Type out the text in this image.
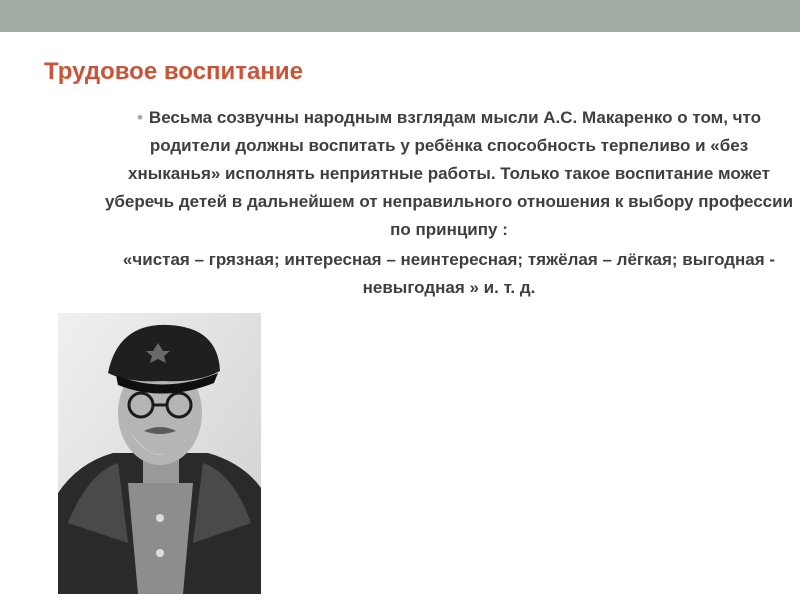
Трудовое воспитание

• Весьма созвучны народным взглядам мысли А.С. Макаренко о том, что родители должны воспитать у ребёнка способность терпеливо и «без хныканья» исполнять неприятные работы. Только такое воспитание может уберечь детей в дальнейшем от неправильного отношения к выбору профессии по принципу :

«чистая – грязная; интересная – неинтересная; тяжёлая – лёгкая; выгодная - невыгодная » и. т. д.
